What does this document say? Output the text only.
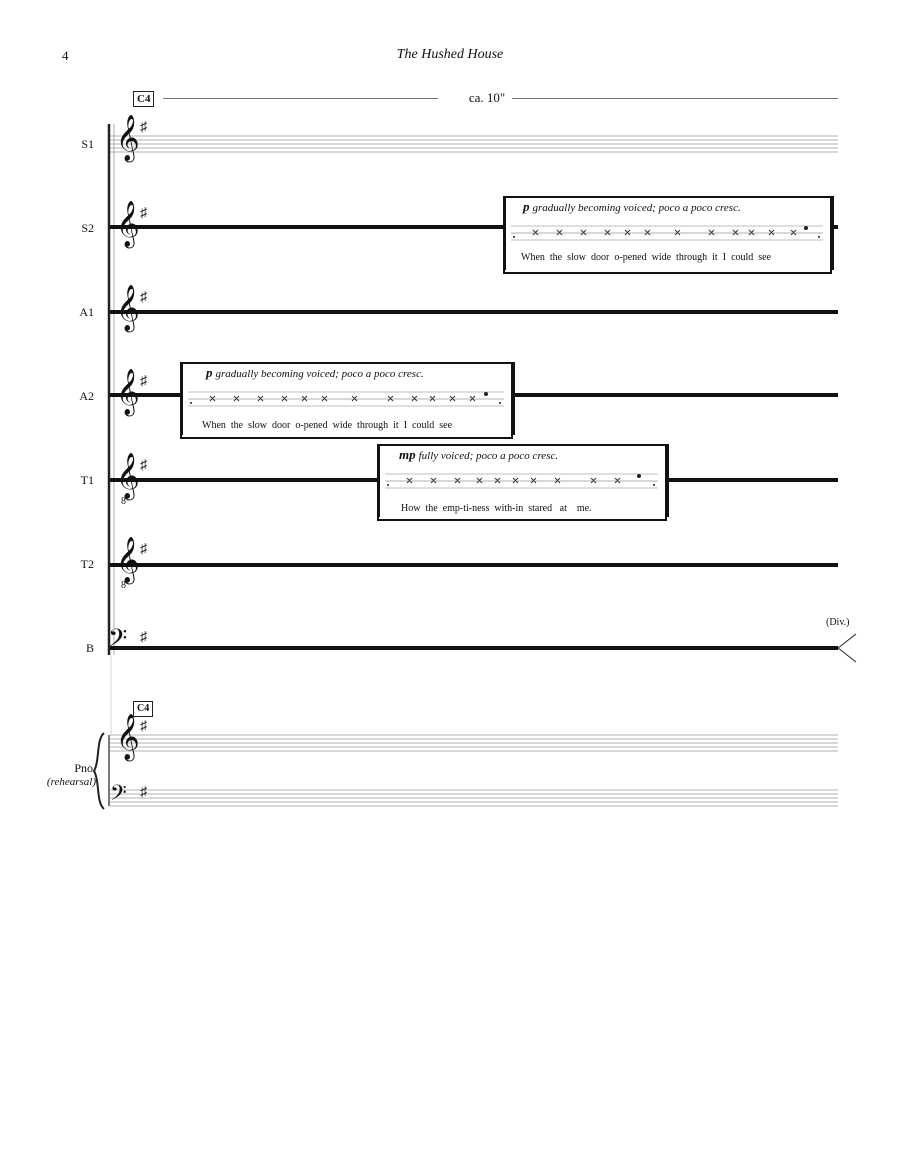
4	The Hushed House
C4	ca. 10"
S1
S2
A1
A2
T1
T2
B
𝄞 ♯
𝄞 ♯
𝄞 ♯
𝄞 ♯
𝄞 ♯
8
𝄞 ♯
8
𝄢 ♯
𝄞 ♯
𝄢 ♯
p gradually becoming voiced; poco a poco cresc.
When the slow door o-pened wide through it I could see
p gradually becoming voiced; poco a poco cresc.
When the slow door o-pened wide through it I could see
mp fully voiced; poco a poco cresc.
How the emp-ti-ness with-in stared at me.
(Div.)
C4
Pno.
(rehearsal)
